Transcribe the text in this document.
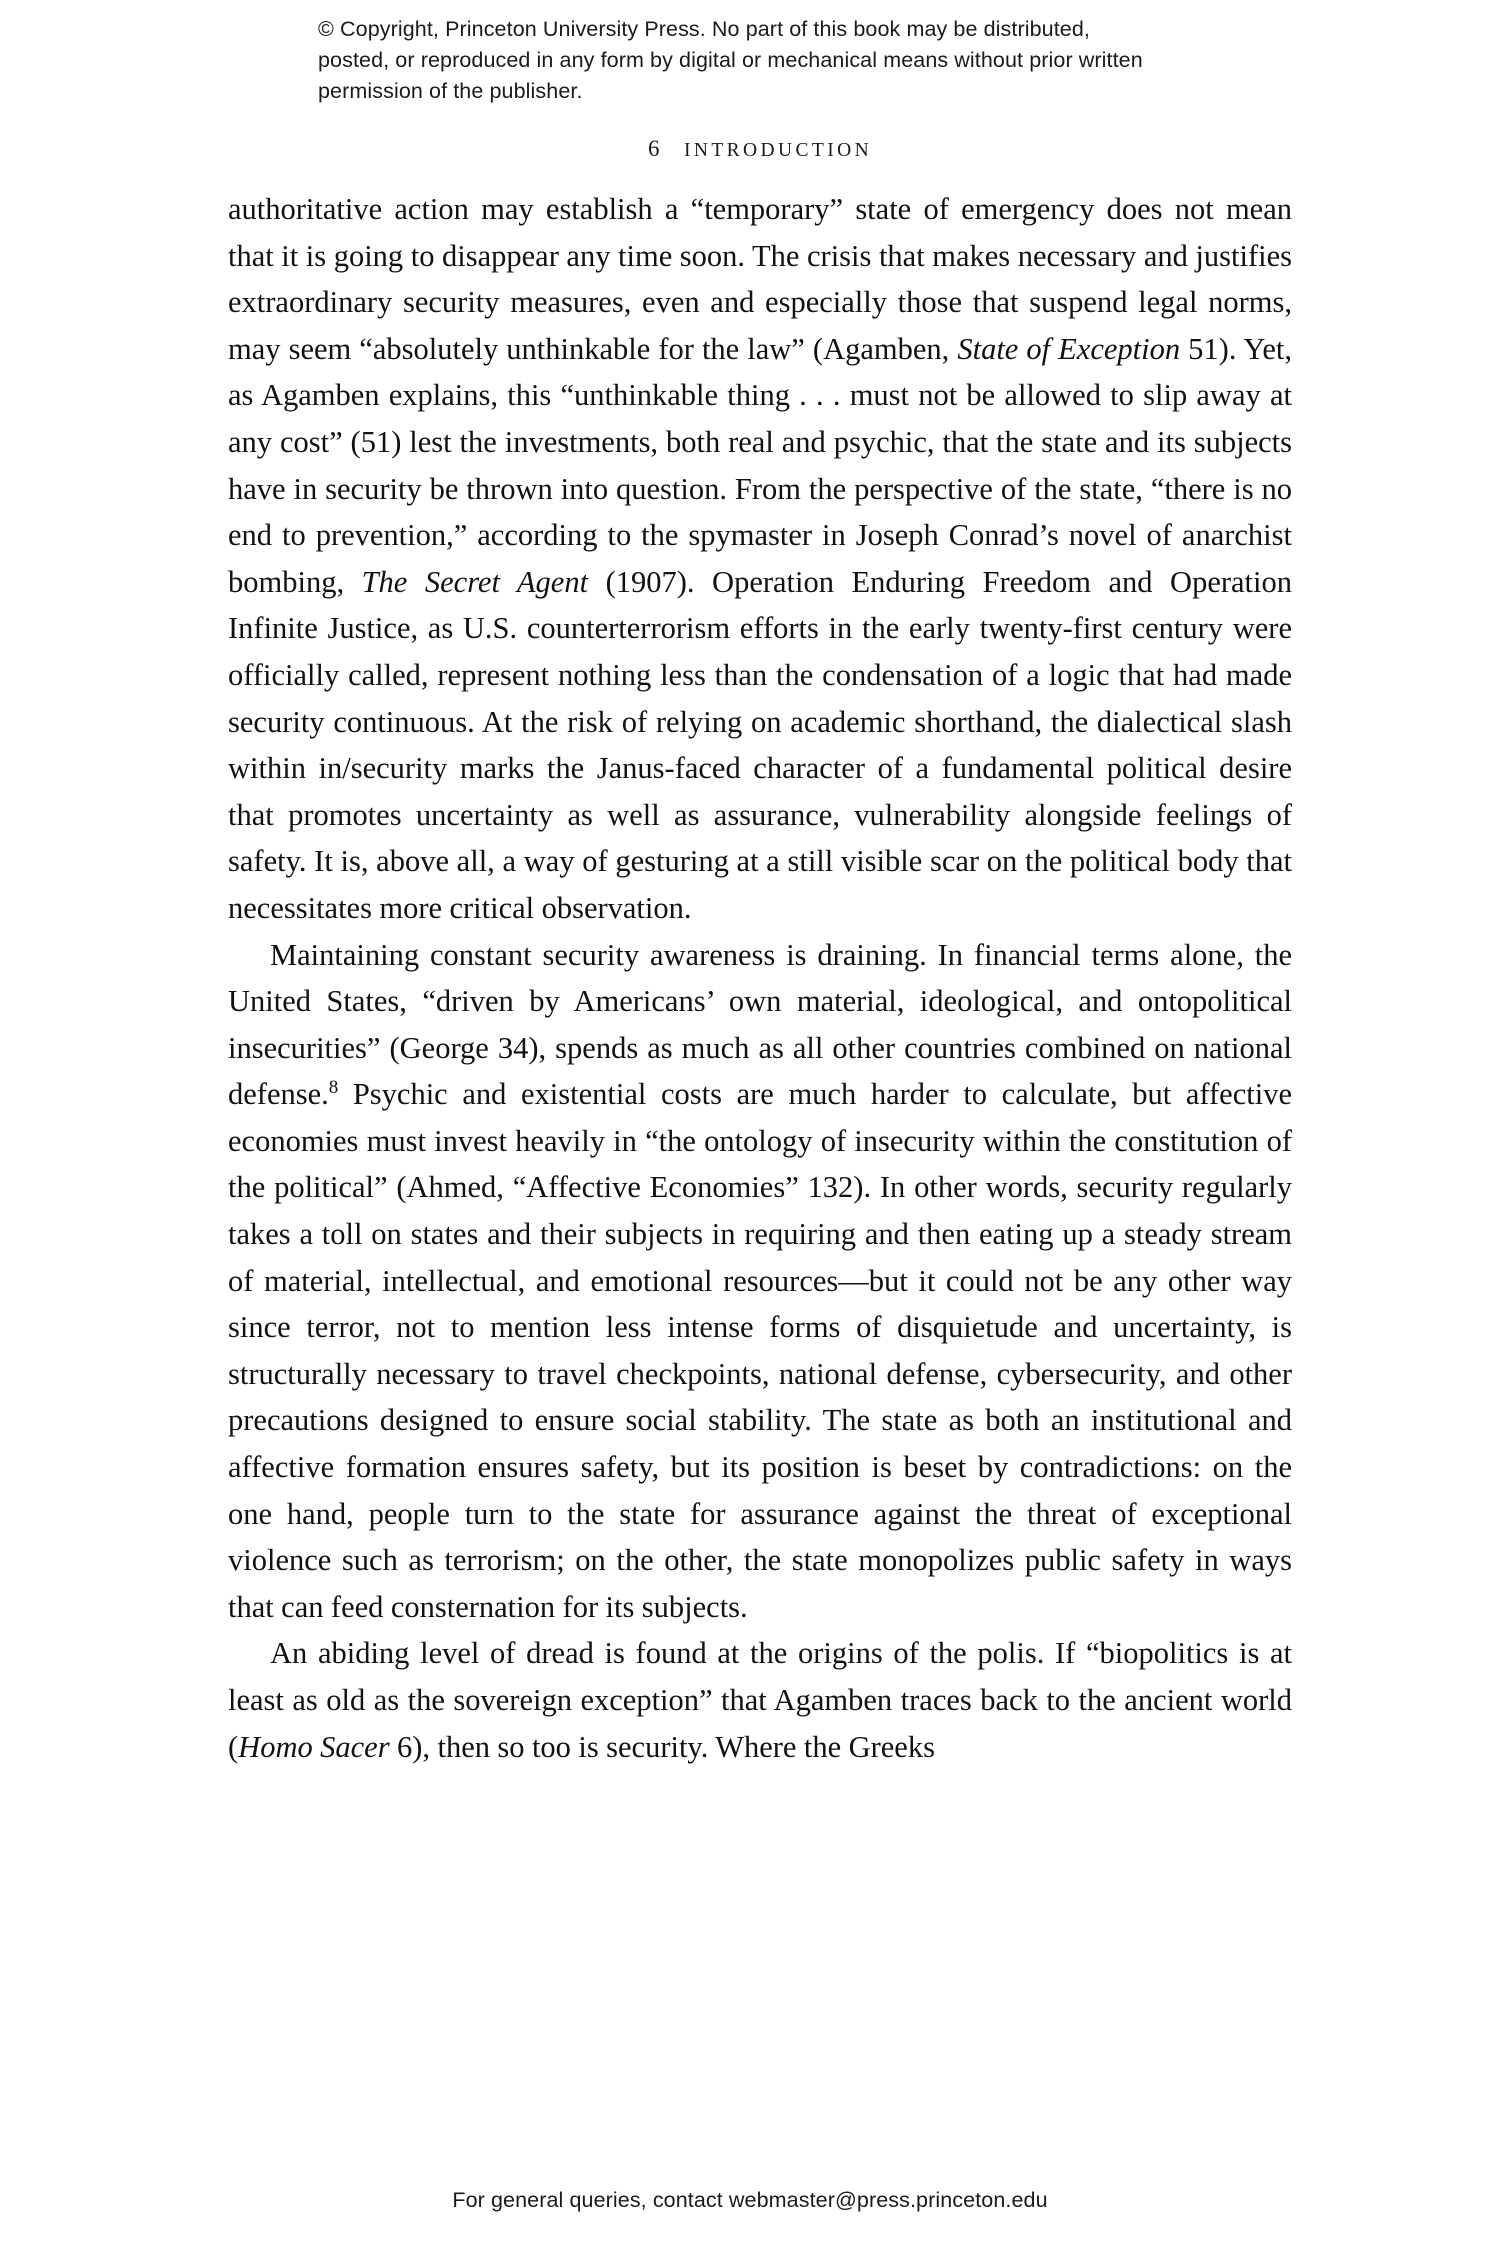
© Copyright, Princeton University Press. No part of this book may be distributed, posted, or reproduced in any form by digital or mechanical means without prior written permission of the publisher.
6 INTRODUCTION

authoritative action may establish a “temporary” state of emergency does not mean that it is going to disappear any time soon. The crisis that makes necessary and justifies extraordinary security measures, even and especially those that suspend legal norms, may seem “absolutely unthinkable for the law” (Agamben, State of Exception 51). Yet, as Agamben explains, this “unthinkable thing . . . must not be allowed to slip away at any cost” (51) lest the investments, both real and psychic, that the state and its subjects have in security be thrown into question. From the perspective of the state, “there is no end to prevention,” according to the spymaster in Joseph Conrad’s novel of anarchist bombing, The Secret Agent (1907). Operation Enduring Freedom and Operation Infinite Justice, as U.S. counterterrorism efforts in the early twenty-first century were officially called, represent nothing less than the condensation of a logic that had made security continuous. At the risk of relying on academic shorthand, the dialectical slash within in/security marks the Janus-faced character of a fundamental political desire that promotes uncertainty as well as assurance, vulnerability alongside feelings of safety. It is, above all, a way of gesturing at a still visible scar on the political body that necessitates more critical observation.

Maintaining constant security awareness is draining. In financial terms alone, the United States, “driven by Americans’ own material, ideological, and ontopolitical insecurities” (George 34), spends as much as all other countries combined on national defense.$^8$ Psychic and existential costs are much harder to calculate, but affective economies must invest heavily in “the ontology of insecurity within the constitution of the political” (Ahmed, “Affective Economies” 132). In other words, security regularly takes a toll on states and their subjects in requiring and then eating up a steady stream of material, intellectual, and emotional resources—but it could not be any other way since terror, not to mention less intense forms of disquietude and uncertainty, is structurally necessary to travel checkpoints, national defense, cybersecurity, and other precautions designed to ensure social stability. The state as both an institutional and affective formation ensures safety, but its position is beset by contradictions: on the one hand, people turn to the state for assurance against the threat of exceptional violence such as terrorism; on the other, the state monopolizes public safety in ways that can feed consternation for its subjects.

An abiding level of dread is found at the origins of the polis. If “biopolitics is at least as old as the sovereign exception” that Agamben traces back to the ancient world (Homo Sacer 6), then so too is security. Where the Greeks

For general queries, contact webmaster@press.princeton.edu
